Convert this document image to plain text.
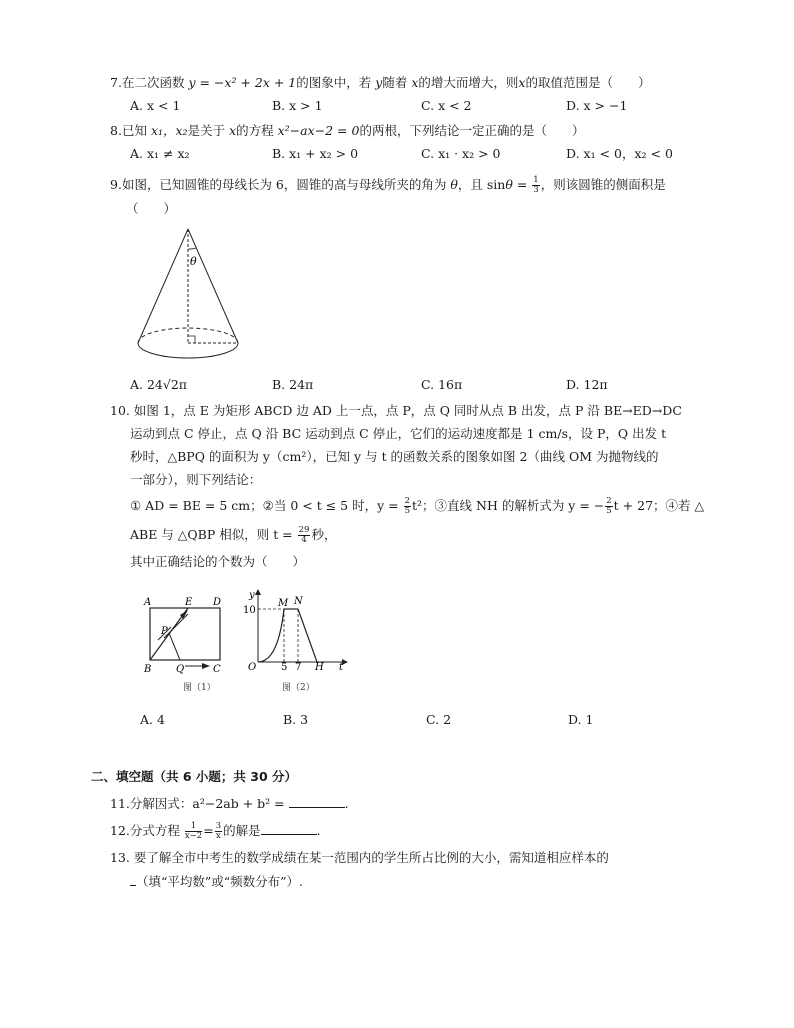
7.在二次函数 y = −x² + 2x + 1的图象中，若 y随着 x的增大而增大，则x的取值范围是（　　）
A. x < 1	B. x > 1	C. x < 2	D. x > −1
8.已知 x₁，x₂是关于 x的方程 x²−ax−2 = 0的两根，下列结论一定正确的是（　　）
A. x₁ ≠ x₂	B. x₁ + x₂ > 0	C. x₁ · x₂ > 0	D. x₁ < 0，x₂ < 0
9.如图，已知圆锥的母线长为 6，圆锥的高与母线所夹的角为 θ，且 $\sin\theta = \frac{1}{3}$ ，则该圆锥的侧面积是
（　　）
θ
A. 24√2π	B. 24π	C. 16π	D. 12π
10. 如图 1，点 E 为矩形 ABCD 边 AD 上一点，点 P，点 Q 同时从点 B 出发，点 P 沿 BE→ED→DC
运动到点 C 停止，点 Q 沿 BC 运动到点 C 停止，它们的运动速度都是 1 cm/s，设 P，Q 出发 t
秒时，△BPQ 的面积为 y（cm²），已知 y 与 t 的函数关系的图象如图 2（曲线 OM 为抛物线的
一部分），则下列结论：
① AD = BE = 5 cm；②当 0 < t ≤ 5 时，$y = \frac{2}{5} t^2$；③直线 NH 的解析式为 y = − $\frac{2}{5}$ t + 27；④若 △
ABE 与 △QBP 相似，则 $t = \frac{29}{4}$ 秒，
其中正确结论的个数为（　　）
A	E D
P
B Q	C
图（1）
y
10
M N
O 5 7 H t
图（2）
A. 4	B. 3	C. 2	D. 1
二、填空题（共 6 小题；共 30 分）
11.分解因式：a²−2ab + b² =	.
12.分式方程 $\frac{1}{x-2} = \frac{3}{x}$ 的解是	.
13. 要了解全市中考生的数学成绩在某一范围内的学生所占比例的大小，需知道相应样本的
（填“平均数”或“频数分布”）.
